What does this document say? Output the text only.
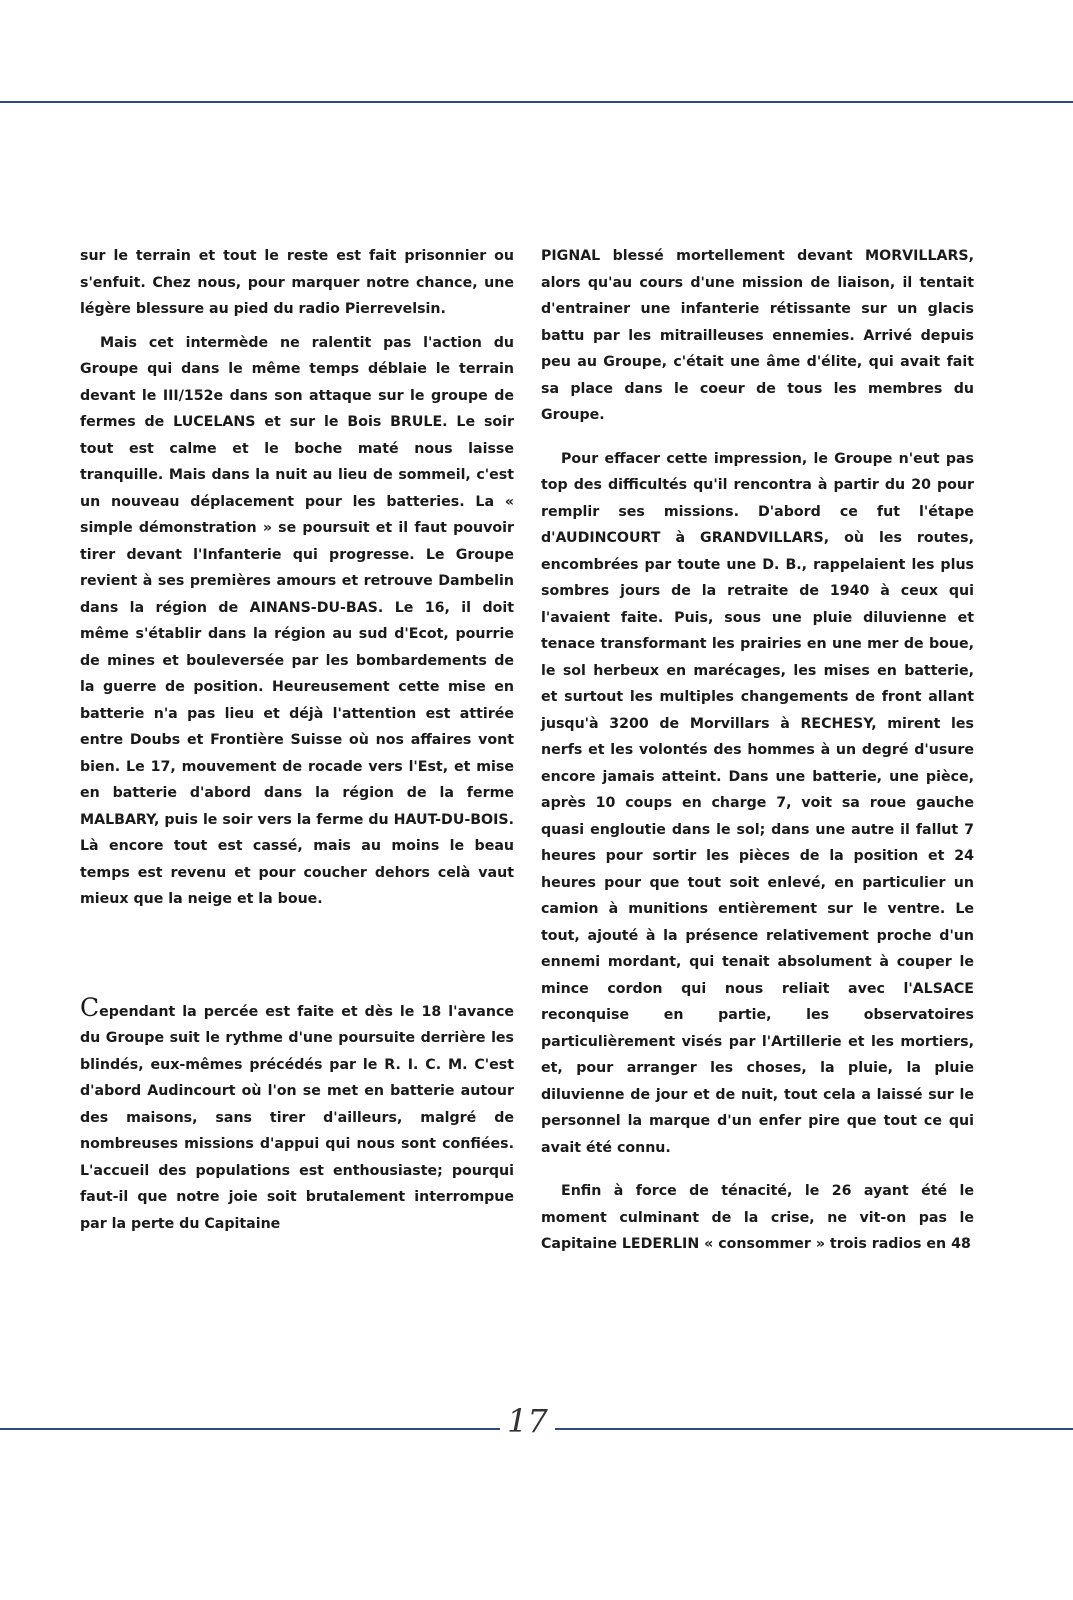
sur le terrain et tout le reste est fait prisonnier ou s'enfuit. Chez nous, pour marquer notre chance, une légère blessure au pied du radio Pierrevelsin.

Mais cet intermède ne ralentit pas l'action du Groupe qui dans le même temps déblaie le terrain devant le III/152e dans son attaque sur le groupe de fermes de LUCELANS et sur le Bois BRULE. Le soir tout est calme et le boche maté nous laisse tranquille. Mais dans la nuit au lieu de sommeil, c'est un nouveau déplacement pour les batteries. La « simple démonstration » se poursuit et il faut pouvoir tirer devant l'Infanterie qui progresse. Le Groupe revient à ses premières amours et retrouve Dambelin dans la région de AINANS-DU-BAS. Le 16, il doit même s'établir dans la région au sud d'Ecot, pourrie de mines et bouleversée par les bombardements de la guerre de position. Heureusement cette mise en batterie n'a pas lieu et déjà l'attention est attirée entre Doubs et Frontière Suisse où nos affaires vont bien. Le 17, mouvement de rocade vers l'Est, et mise en batterie d'abord dans la région de la ferme MALBARY, puis le soir vers la ferme du HAUT-DU-BOIS. Là encore tout est cassé, mais au moins le beau temps est revenu et pour coucher dehors celà vaut mieux que la neige et la boue.

Cependant la percée est faite et dès le 18 l'avance du Groupe suit le rythme d'une poursuite derrière les blindés, eux-mêmes précédés par le R. I. C. M. C'est d'abord Audincourt où l'on se met en batterie autour des maisons, sans tirer d'ailleurs, malgré de nombreuses missions d'appui qui nous sont confiées. L'accueil des populations est enthousiaste; pourqui faut-il que notre joie soit brutalement interrompue par la perte du Capitaine

PIGNAL blessé mortellement devant MORVILLARS, alors qu'au cours d'une mission de liaison, il tentait d'entrainer une infanterie rétissante sur un glacis battu par les mitrailleuses ennemies. Arrivé depuis peu au Groupe, c'était une âme d'élite, qui avait fait sa place dans le coeur de tous les membres du Groupe.

Pour effacer cette impression, le Groupe n'eut pas top des difficultés qu'il rencontra à partir du 20 pour remplir ses missions. D'abord ce fut l'étape d'AUDINCOURT à GRANDVILLARS, où les routes, encombrées par toute une D. B., rappelaient les plus sombres jours de la retraite de 1940 à ceux qui l'avaient faite. Puis, sous une pluie diluvienne et tenace transformant les prairies en une mer de boue, le sol herbeux en marécages, les mises en batterie, et surtout les multiples changements de front allant jusqu'à 3200 de Morvillars à RECHESY, mirent les nerfs et les volontés des hommes à un degré d'usure encore jamais atteint. Dans une batterie, une pièce, après 10 coups en charge 7, voit sa roue gauche quasi engloutie dans le sol; dans une autre il fallut 7 heures pour sortir les pièces de la position et 24 heures pour que tout soit enlevé, en particulier un camion à munitions entièrement sur le ventre. Le tout, ajouté à la présence relativement proche d'un ennemi mordant, qui tenait absolument à couper le mince cordon qui nous reliait avec l'ALSACE reconquise en partie, les observatoires particulièrement visés par l'Artillerie et les mortiers, et, pour arranger les choses, la pluie, la pluie diluvienne de jour et de nuit, tout cela a laissé sur le personnel la marque d'un enfer pire que tout ce qui avait été connu.

Enfin à force de ténacité, le 26 ayant été le moment culminant de la crise, ne vit-on pas le Capitaine LEDERLIN « consommer » trois radios en 48

17
